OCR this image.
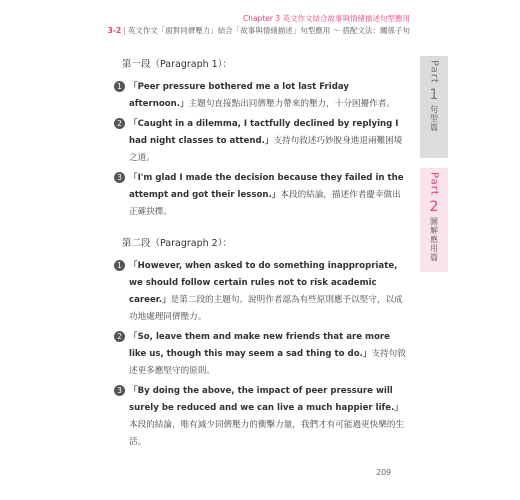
Chapter 3 英文作文結合故事與情緒描述句型應用
3-2 | 英文作文「面對同儕壓力」結合「故事與情緒描述」句型應用 ～ 搭配文法：關係子句
Part
1
句型篇
Part
2
圖解應用篇
第一段（Paragraph 1）：
1 「Peer pressure bothered me a lot last Friday afternoon.」主題句直接點出同儕壓力帶來的壓力，十分困擾作者。
2 「Caught in a dilemma, I tactfully declined by replying I had night classes to attend.」支持句敘述巧妙脫身進退兩難困境之道。
3 「I'm glad I made the decision because they failed in the attempt and got their lesson.」本段的結論，描述作者慶幸做出正確抉擇。
第二段（Paragraph 2）：
1 「However, when asked to do something inappropriate, we should follow certain rules not to risk academic career.」是第二段的主題句。說明作者認為有些原則應予以堅守，以成功地處理同儕壓力。
2 「So, leave them and make new friends that are more like us, though this may seem a sad thing to do.」支持句敘述更多應堅守的原則。
3 「By doing the above, the impact of peer pressure will surely be reduced and we can live a much happier life.」本段的結論，唯有減少同儕壓力的衝擊力量，我們才有可能過更快樂的生活。
209
